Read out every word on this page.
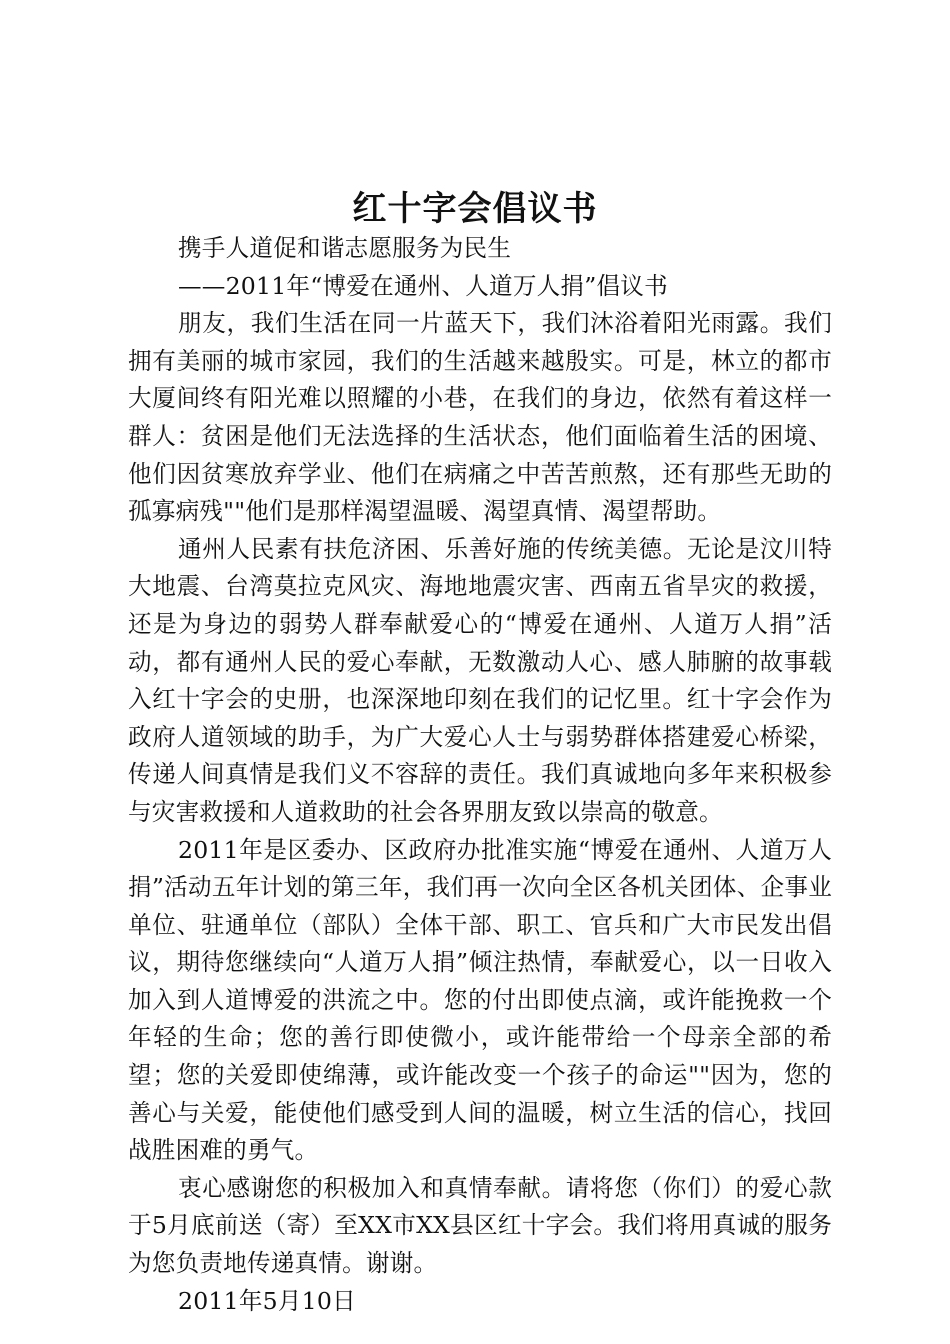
红十字会倡议书

携手人道促和谐志愿服务为民生

——2011年“博爱在通州、人道万人捐”倡议书

朋友，我们生活在同一片蓝天下，我们沐浴着阳光雨露。我们拥有美丽的城市家园，我们的生活越来越殷实。可是，林立的都市大厦间终有阳光难以照耀的小巷，在我们的身边，依然有着这样一群人：贫困是他们无法选择的生活状态，他们面临着生活的困境、他们因贫寒放弃学业、他们在病痛之中苦苦煎熬，还有那些无助的孤寡病残""他们是那样渴望温暖、渴望真情、渴望帮助。

通州人民素有扶危济困、乐善好施的传统美德。无论是汶川特大地震、台湾莫拉克风灾、海地地震灾害、西南五省旱灾的救援，还是为身边的弱势人群奉献爱心的“博爱在通州、人道万人捐”活动，都有通州人民的爱心奉献，无数激动人心、感人肺腑的故事载入红十字会的史册，也深深地印刻在我们的记忆里。红十字会作为政府人道领域的助手，为广大爱心人士与弱势群体搭建爱心桥梁，传递人间真情是我们义不容辞的责任。我们真诚地向多年来积极参与灾害救援和人道救助的社会各界朋友致以崇高的敬意。

2011年是区委办、区政府办批准实施“博爱在通州、人道万人捐”活动五年计划的第三年，我们再一次向全区各机关团体、企事业单位、驻通单位（部队）全体干部、职工、官兵和广大市民发出倡议，期待您继续向“人道万人捐”倾注热情，奉献爱心，以一日收入加入到人道博爱的洪流之中。您的付出即使点滴，或许能挽救一个年轻的生命；您的善行即使微小，或许能带给一个母亲全部的希望；您的关爱即使绵薄，或许能改变一个孩子的命运""因为，您的善心与关爱，能使他们感受到人间的温暖，树立生活的信心，找回战胜困难的勇气。

衷心感谢您的积极加入和真情奉献。请将您（你们）的爱心款于5月底前送（寄）至XX市XX县区红十字会。我们将用真诚的服务为您负责地传递真情。谢谢。

2011年5月10日
